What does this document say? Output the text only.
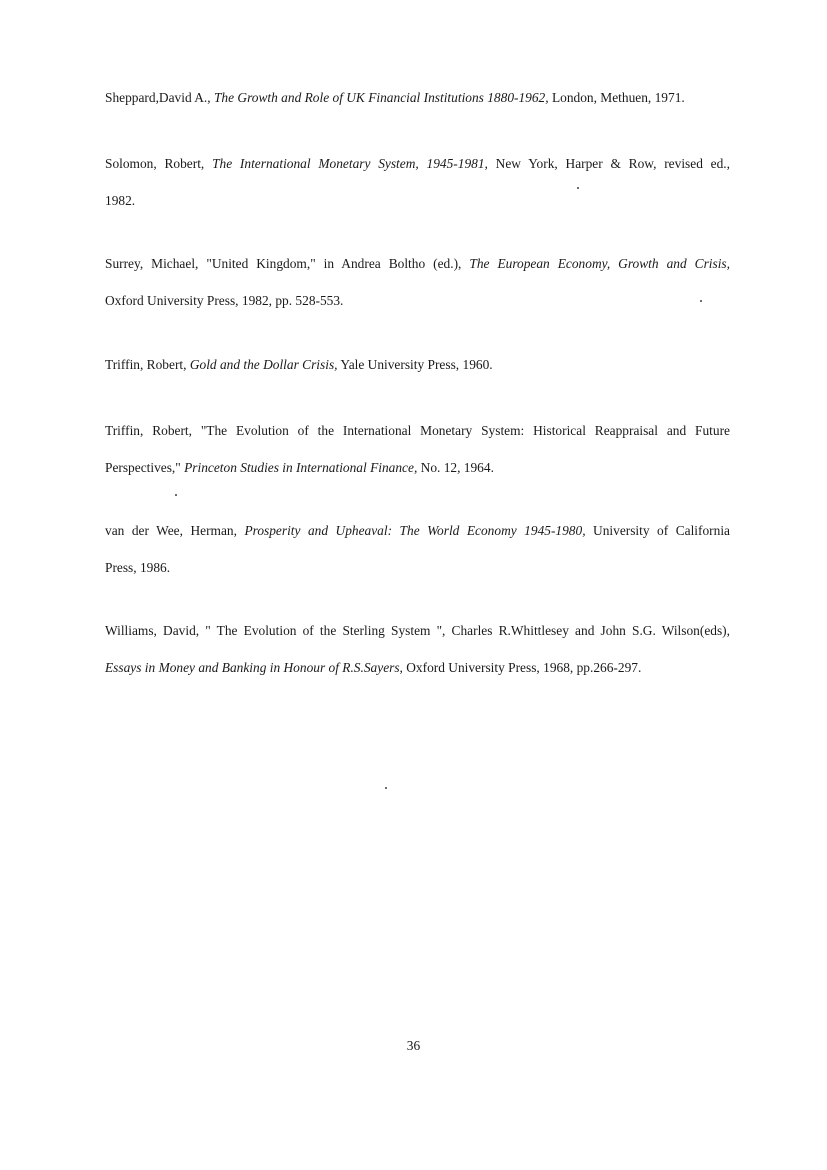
Sheppard,David A., The Growth and Role of UK Financial Institutions 1880-1962, London, Methuen, 1971.
Solomon, Robert, The International Monetary System, 1945-1981, New York, Harper & Row, revised ed.,
1982.
Surrey, Michael, "United Kingdom," in Andrea Boltho (ed.), The European Economy, Growth and Crisis,
Oxford University Press, 1982, pp. 528-553.
Triffin, Robert, Gold and the Dollar Crisis, Yale University Press, 1960.
Triffin, Robert, "The Evolution of the International Monetary System: Historical Reappraisal and Future
Perspectives," Princeton Studies in International Finance, No. 12, 1964.
van der Wee, Herman, Prosperity and Upheaval: The World Economy 1945-1980, University of California
Press, 1986.
Williams, David, " The Evolution of the Sterling System ", Charles R.Whittlesey and John S.G. Wilson(eds),
Essays in Money and Banking in Honour of R.S.Sayers, Oxford University Press, 1968, pp.266-297.
36
